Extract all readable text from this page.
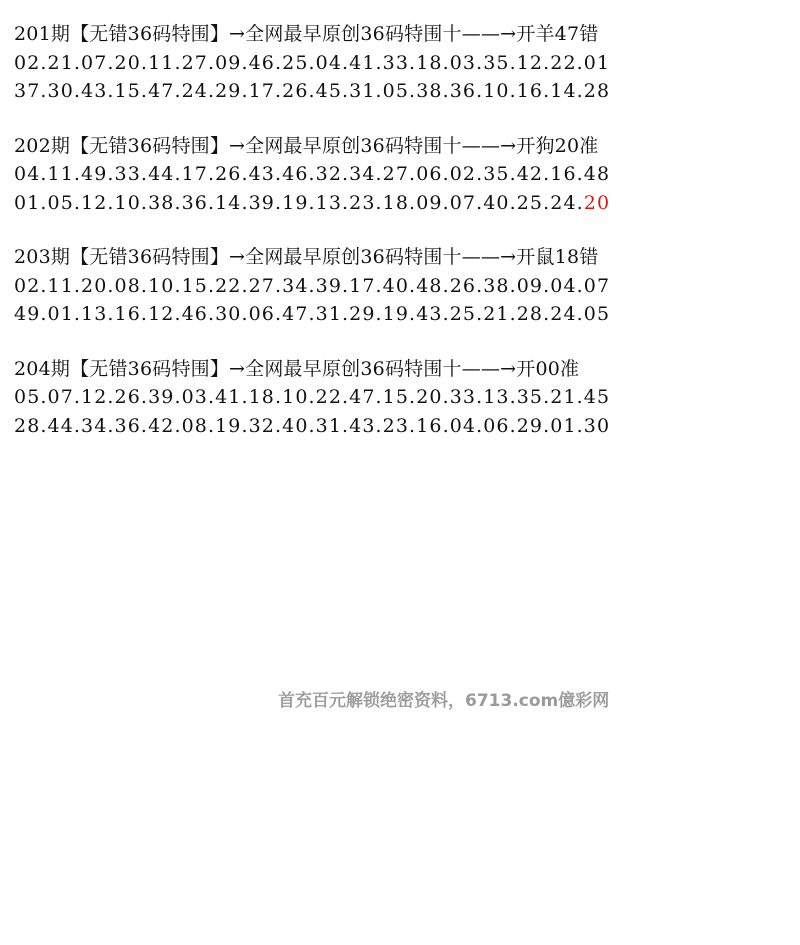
201期【无错36码特围】→全网最早原创36码特围十——→开羊47错
02.21.07.20.11.27.09.46.25.04.41.33.18.03.35.12.22.01
37.30.43.15.47.24.29.17.26.45.31.05.38.36.10.16.14.28
202期【无错36码特围】→全网最早原创36码特围十——→开狗20准
04.11.49.33.44.17.26.43.46.32.34.27.06.02.35.42.16.48
01.05.12.10.38.36.14.39.19.13.23.18.09.07.40.25.24.20
203期【无错36码特围】→全网最早原创36码特围十——→开鼠18错
02.11.20.08.10.15.22.27.34.39.17.40.48.26.38.09.04.07
49.01.13.16.12.46.30.06.47.31.29.19.43.25.21.28.24.05
204期【无错36码特围】→全网最早原创36码特围十——→开00准
05.07.12.26.39.03.41.18.10.22.47.15.20.33.13.35.21.45
28.44.34.36.42.08.19.32.40.31.43.23.16.04.06.29.01.30
首充百元解锁绝密资料，6713.com億彩网
